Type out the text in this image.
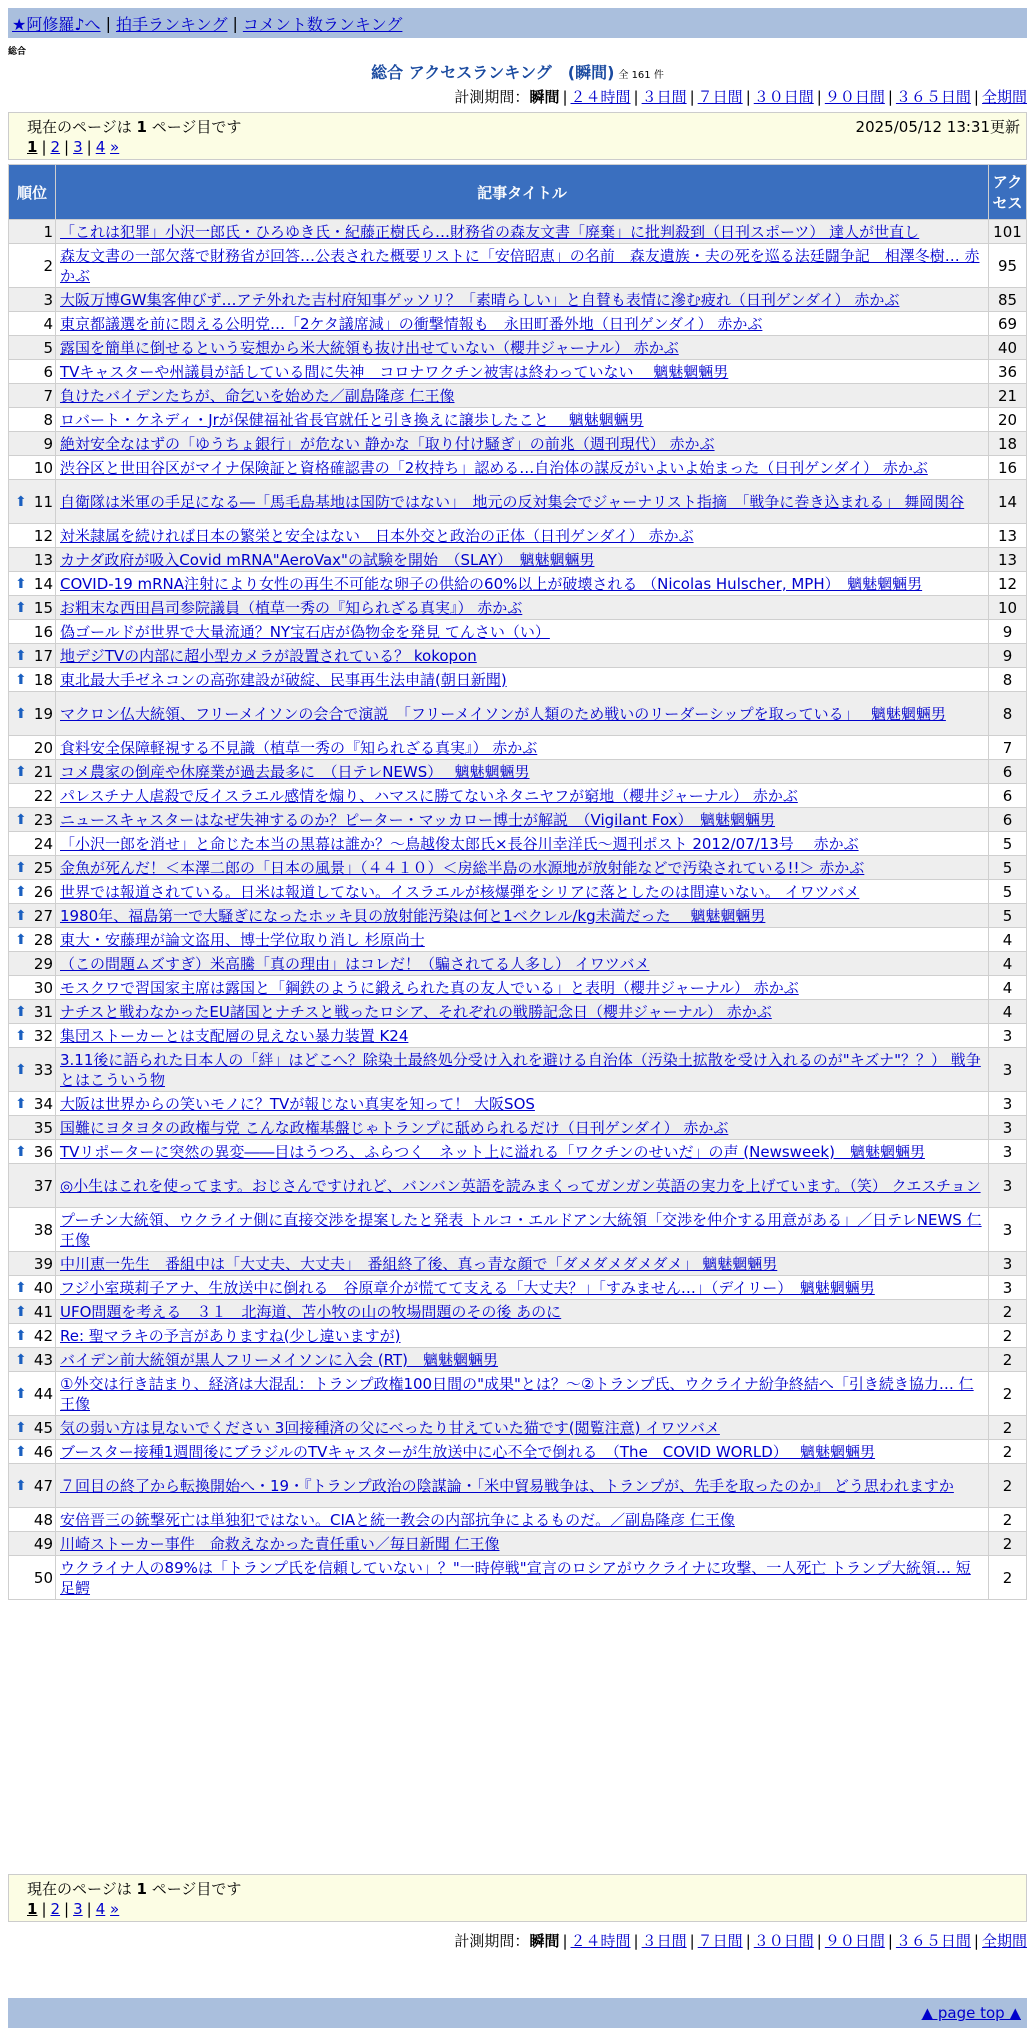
★阿修羅♪へ | 拍手ランキング | コメント数ランキング
総合
総合 アクセスランキング　(瞬間) 全 161 件
計測期間：瞬間 | ２４時間 | ３日間 | ７日間 | ３０日間 | ９０日間 | ３６５日間 | 全期間
現在のページは 1 ページ目です	2025/05/12 13:31更新
1 | 2 | 3 | 4 »
順位	記事タイトル	アクセス
1	「これは犯罪」小沢一郎氏・ひろゆき氏・紀藤正樹氏ら…財務省の森友文書「廃棄」に批判殺到（日刊スポーツ） 達人が世直し	101
2	森友文書の一部欠落で財務省が回答…公表された概要リストに「安倍昭恵」の名前　森友遺族・夫の死を巡る法廷闘争記　相澤冬樹… 赤かぶ	95
3	大阪万博GW集客伸びず…アテ外れた吉村府知事ゲッソリ？「素晴らしい」と自賛も表情に滲む疲れ（日刊ゲンダイ） 赤かぶ	85
4	東京都議選を前に悶える公明党…「2ケタ議席減」の衝撃情報も　永田町番外地（日刊ゲンダイ） 赤かぶ	69
5	露国を簡単に倒せるという妄想から米大統領も抜け出せていない（櫻井ジャーナル） 赤かぶ	40
6	TVキャスターや州議員が話している間に失神　コロナワクチン被害は終わっていない　 魑魅魍魎男	36
7	負けたバイデンたちが、命乞いを始めた／副島隆彦 仁王像	21
8	ロバート・ケネディ・Jrが保健福祉省長官就任と引き換えに譲歩したこと　 魑魅魍魎男	20
9	絶対安全なはずの「ゆうちょ銀行」が危ない 静かな「取り付け騒ぎ」の前兆（週刊現代） 赤かぶ	18
10	渋谷区と世田谷区がマイナ保険証と資格確認書の「2枚持ち」認める…自治体の謀反がいよいよ始まった（日刊ゲンダイ） 赤かぶ	16

⬆ 11	自衛隊は米軍の手足になる―「馬毛島基地は国防ではない」　地元の反対集会でジャーナリスト指摘　「戦争に巻き込まれる」 舞岡関谷	14
12	対米隷属を続ければ日本の繁栄と安全はない　日本外交と政治の正体（日刊ゲンダイ） 赤かぶ	13
13	カナダ政府が吸入Covid mRNA"AeroVax"の試験を開始　（SLAY）　魑魅魍魎男	13

⬆ 14	COVID-19 mRNA注射により女性の再生不可能な卵子の供給の60%以上が破壊される （Nicolas Hulscher, MPH）　魑魅魍魎男	12

⬆ 15	お粗末な西田昌司参院議員（植草一秀の『知られざる真実』） 赤かぶ	10
16	偽ゴールドが世界で大量流通？NY宝石店が偽物金を発見 てんさい（い）	9

⬆ 17	地デジTVの内部に超小型カメラが設置されている？ kokopon	9

⬆ 18	東北最大手ゼネコンの高弥建設が破綻、民事再生法申請(朝日新聞)	8

⬆ 19	マクロン仏大統領、フリーメイソンの会合で演説　「フリーメイソンが人類のため戦いのリーダーシップを取っている」　 魑魅魍魎男	8
20	食料安全保障軽視する不見識（植草一秀の『知られざる真実』） 赤かぶ	7

⬆ 21	コメ農家の倒産や休廃業が過去最多に　（日テレNEWS）　 魑魅魍魎男	6
22	パレスチナ人虐殺で反イスラエル感情を煽り、ハマスに勝てないネタニヤフが窮地（櫻井ジャーナル） 赤かぶ	6

⬆ 23	ニュースキャスターはなぜ失神するのか？ピーター・マッカロー博士が解説　（Vigilant Fox）　魑魅魍魎男	6
24	「小沢一郎を消せ」と命じた本当の黒幕は誰か？〜鳥越俊太郎氏×長谷川幸洋氏〜週刊ポスト 2012/07/13号　 赤かぶ	5

⬆ 25	金魚が死んだ！＜本澤二郎の「日本の風景」（４４１０）＜房総半島の水源地が放射能などで汚染されている!!＞ 赤かぶ	5

⬆ 26	世界では報道されている。日米は報道してない。イスラエルが核爆弾をシリアに落としたのは間違いない。 イワツバメ	5

⬆ 27	1980年、福島第一で大騒ぎになったホッキ貝の放射能汚染は何と1ベクレル/kg未満だった　 魑魅魍魎男	5

⬆ 28	東大・安藤理が論文盗用、博士学位取り消し 杉原尚士	4
29	（この問題ムズすぎ）米高騰「真の理由」はコレだ！（騙されてる人多し） イワツバメ	4
30	モスクワで習国家主席は露国と「鋼鉄のように鍛えられた真の友人でいる」と表明（櫻井ジャーナル） 赤かぶ	4

⬆ 31	ナチスと戦わなかったEU諸国とナチスと戦ったロシア、それぞれの戦勝記念日（櫻井ジャーナル） 赤かぶ	4

⬆ 32	集団ストーカーとは支配層の見えない暴力装置 K24	3

⬆ 33	3.11後に語られた日本人の「絆」はどこへ？除染土最終処分受け入れを避ける自治体（汚染土拡散を受け入れるのが"キズナ"？？） 戦争とはこういう物	3

⬆ 34	大阪は世界からの笑いモノに？TVが報じない真実を知って！ 大阪SOS	3
35	国難にヨタヨタの政権与党 こんな政権基盤じゃトランプに舐められるだけ（日刊ゲンダイ） 赤かぶ	3

⬆ 36	TVリポーターに突然の異変――目はうつろ、ふらつく　ネット上に溢れる「ワクチンのせいだ」の声 (Newsweek)　魑魅魍魎男	3
37	◎小生はこれを使ってます。おじさんですけれど、バンバン英語を読みまくってガンガン英語の実力を上げています。（笑） クエスチョン	3
38	プーチン大統領、ウクライナ側に直接交渉を提案したと発表 トルコ・エルドアン大統領「交渉を仲介する用意がある」／日テレNEWS 仁王像	3
39	中川恵一先生　番組中は「大丈夫、大丈夫」　番組終了後、真っ青な顔で「ダメダメダメダメ」 魑魅魍魎男	3

⬆ 40	フジ小室瑛莉子アナ、生放送中に倒れる　谷原章介が慌てて支える「大丈夫？」「すみません…」（デイリー）　魑魅魍魎男	3

⬆ 41	UFO問題を考える　３１　北海道、苫小牧の山の牧場問題のその後 あのに	2

⬆ 42	Re: 聖マラキの予言がありますね(少し違いますが)	2

⬆ 43	バイデン前大統領が黒人フリーメイソンに入会 (RT)　魑魅魍魎男	2

⬆ 44	①外交は行き詰まり、経済は大混乱：トランプ政権100日間の"成果"とは？〜②トランプ氏、ウクライナ紛争終結へ「引き続き協力… 仁王像	2

⬆ 45	気の弱い方は見ないでください 3回接種済の父にべったり甘えていた猫です(閲覧注意) イワツバメ	2

⬆ 46	ブースター接種1週間後にブラジルのTVキャスターが生放送中に心不全で倒れる　（The　COVID WORLD）　 魑魅魍魎男	2

⬆ 47	７回目の終了から転換開始へ・19・『トランプ政治の陰謀論・「米中貿易戦争は、トランプが、先手を取ったのか』 どう思われますか	2
48	安倍晋三の銃撃死亡は単独犯ではない。CIAと統一教会の内部抗争によるものだ。／副島隆彦 仁王像	2
49	川崎ストーカー事件　命救えなかった責任重い／毎日新聞 仁王像	2
50	ウクライナ人の89%は「トランプ氏を信頼していない」？"一時停戦"宣言のロシアがウクライナに攻撃、一人死亡 トランプ大統領… 短足鰐	2
現在のページは 1 ページ目です
1 | 2 | 3 | 4 »
計測期間：瞬間 | ２４時間 | ３日間 | ７日間 | ３０日間 | ９０日間 | ３６５日間 | 全期間
▲ page top ▲
